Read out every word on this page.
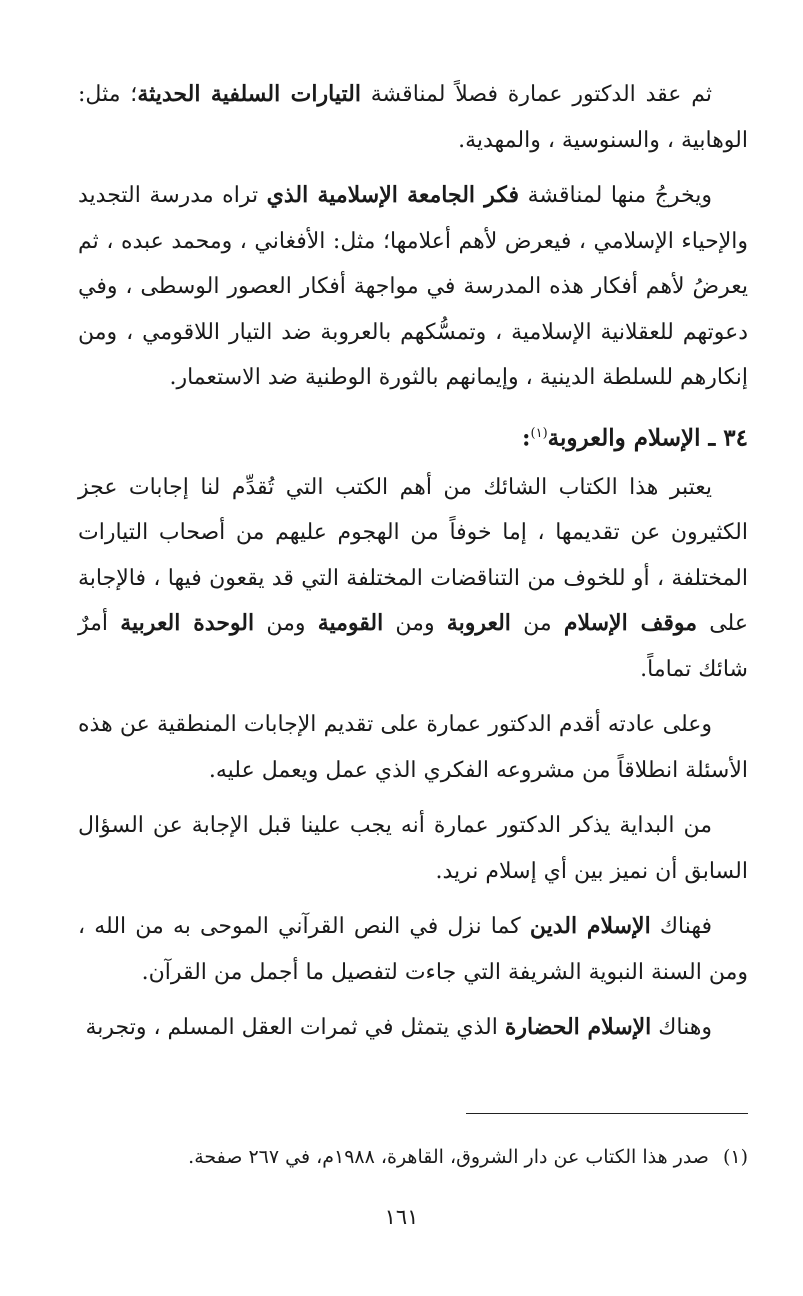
ثم عقد الدكتور عمارة فصلاً لمناقشة التيارات السلفية الحديثة؛ مثل: الوهابية ، والسنوسية ، والمهدية.

ويخرجُ منها لمناقشة فكر الجامعة الإسلامية الذي تراه مدرسة التجديد والإحياء الإسلامي ، فيعرض لأهم أعلامها؛ مثل: الأفغاني ، ومحمد عبده ، ثم يعرضُ لأهم أفكار هذه المدرسة في مواجهة أفكار العصور الوسطى ، وفي دعوتهم للعقلانية الإسلامية ، وتمسُّكهم بالعروبة ضد التيار اللاقومي ، ومن إنكارهم للسلطة الدينية ، وإيمانهم بالثورة الوطنية ضد الاستعمار.

٣٤ ـ الإسلام والعروبة$^{(١)}$:

يعتبر هذا الكتاب الشائك من أهم الكتب التي تُقدِّم لنا إجابات عجز الكثيرون عن تقديمها ، إما خوفاً من الهجوم عليهم من أصحاب التيارات المختلفة ، أو للخوف من التناقضات المختلفة التي قد يقعون فيها ، فالإجابة على موقف الإسلام من العروبة ومن القومية ومن الوحدة العربية أمرٌ شائك تماماً.

وعلى عادته أقدم الدكتور عمارة على تقديم الإجابات المنطقية عن هذه الأسئلة انطلاقاً من مشروعه الفكري الذي عمل ويعمل عليه.

من البداية يذكر الدكتور عمارة أنه يجب علينا قبل الإجابة عن السؤال السابق أن نميز بين أي إسلام نريد.

فهناك الإسلام الدين كما نزل في النص القرآني الموحى به من الله ، ومن السنة النبوية الشريفة التي جاءت لتفصيل ما أجمل من القرآن.

وهناك الإسلام الحضارة الذي يتمثل في ثمرات العقل المسلم ، وتجربة

(١)صدر هذا الكتاب عن دار الشروق، القاهرة، ١٩٨٨م، في ٢٦٧ صفحة.
١٦١
